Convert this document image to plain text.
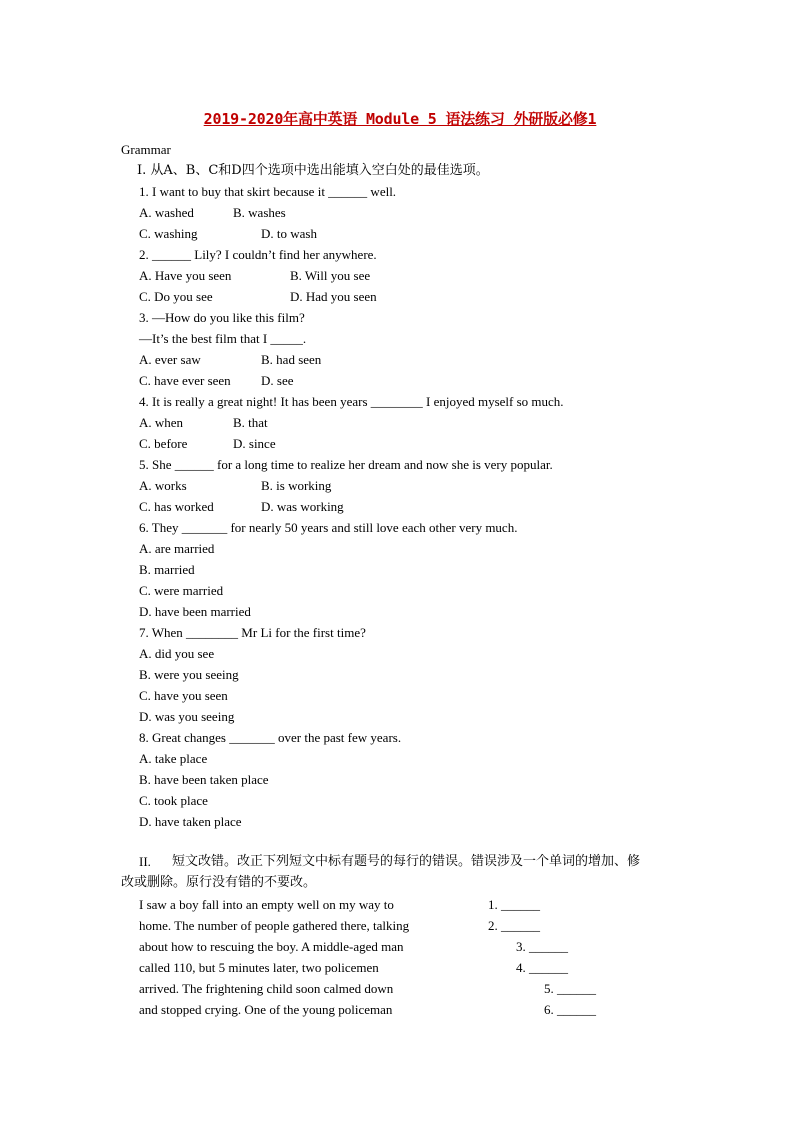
2019-2020年高中英语 Module 5 语法练习 外研版必修1
Grammar
I. 从A、B、C和D四个选项中选出能填入空白处的最佳选项。
1. I want to buy that skirt because it ______ well.
A. washed	B. washes
C. washing	D. to wash
2. ______ Lily? I couldn’t find her anywhere.
A. Have you seen	B. Will you see
C. Do you see	D. Had you seen
3. —How do you like this film?
—It’s the best film that I _____.
A. ever saw	B. had seen
C. have ever seen D. see
4. It is really a great night! It has been years ________ I enjoyed myself so much.
A. when	B. that
C. before	D. since
5. She ______ for a long time to realize her dream and now she is very popular.
A. works	B. is working
C. has worked	D. was working
6. They _______ for nearly 50 years and still love each other very much.
A. are married
B. married
C. were married
D. have been married
7. When ________ Mr Li for the first time?
A. did you see
B. were you seeing
C. have you seen
D. was you seeing
8. Great changes _______ over the past few years.
A. take place
B. have been taken place
C. took place
D. have taken place
II. 短文改错。改正下列短文中标有题号的每行的错误。错误涉及一个单词的增加、修
改或删除。原行没有错的不要改。
I saw a boy fall into an empty well on my way to	1. ______
home. The number of people gathered there, talking	2. ______
about how to rescuing the boy. A middle-aged man	3. ______
called 110, but 5 minutes later, two policemen	4. ______
arrived. The frightening child soon calmed down	5. ______
and stopped crying. One of the young policeman	6. ______
